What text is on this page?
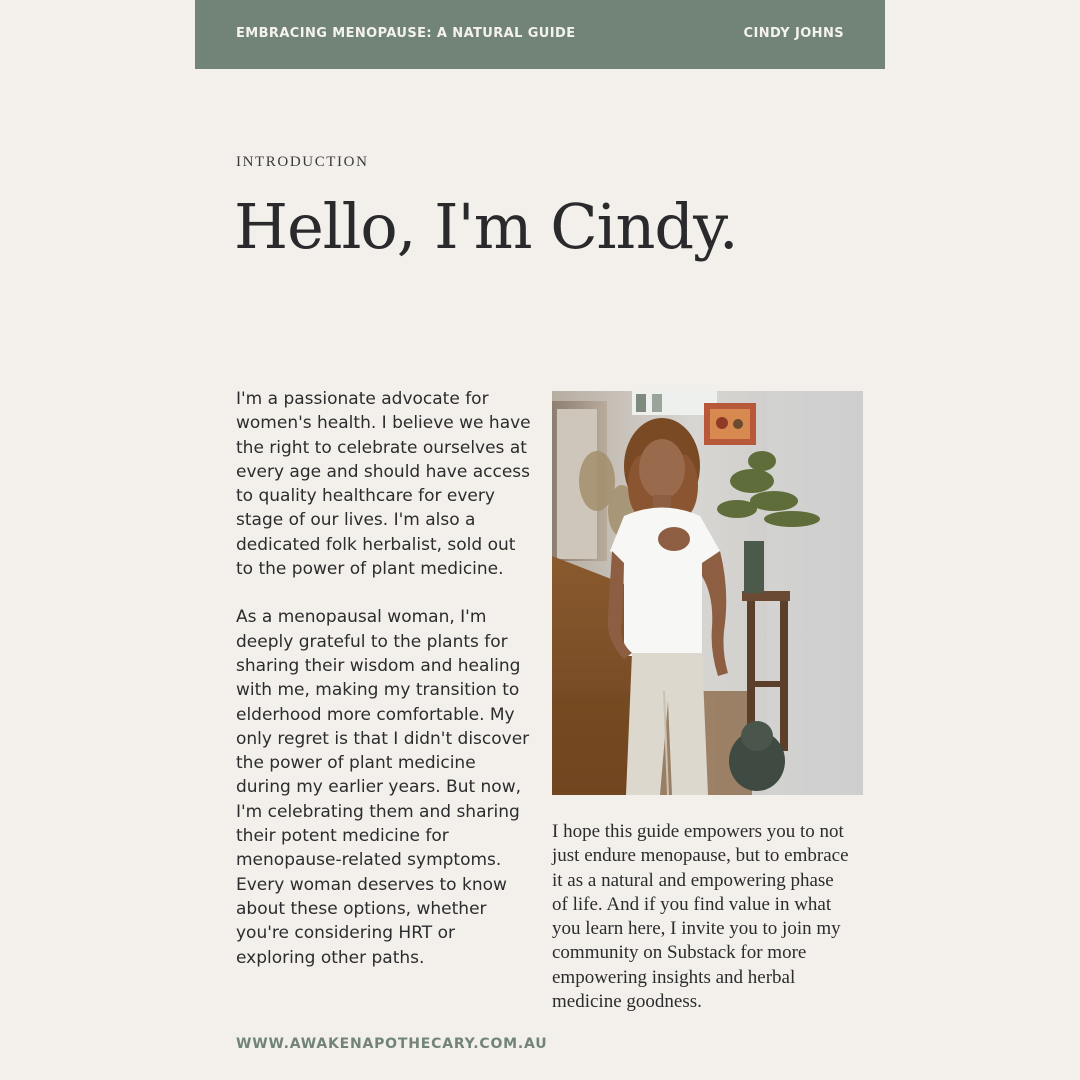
EMBRACING MENOPAUSE: A NATURAL GUIDE	CINDY JOHNS
INTRODUCTION
Hello, I'm Cindy.

I'm a passionate advocate for women's health. I believe we have the right to celebrate ourselves at every age and should have access to quality healthcare for every stage of our lives. I'm also a dedicated folk herbalist, sold out to the power of plant medicine.

As a menopausal woman, I'm deeply grateful to the plants for sharing their wisdom and healing with me, making my transition to elderhood more comfortable. My only regret is that I didn't discover the power of plant medicine during my earlier years. But now, I'm celebrating them and sharing their potent medicine for menopause-related symptoms. Every woman deserves to know about these options, whether you're considering HRT or exploring other paths.

I hope this guide empowers you to not just endure menopause, but to embrace it as a natural and empowering phase of life. And if you find value in what you learn here, I invite you to join my community on Substack for more empowering insights and herbal medicine goodness.

WWW.AWAKENAPOTHECARY.COM.AU
